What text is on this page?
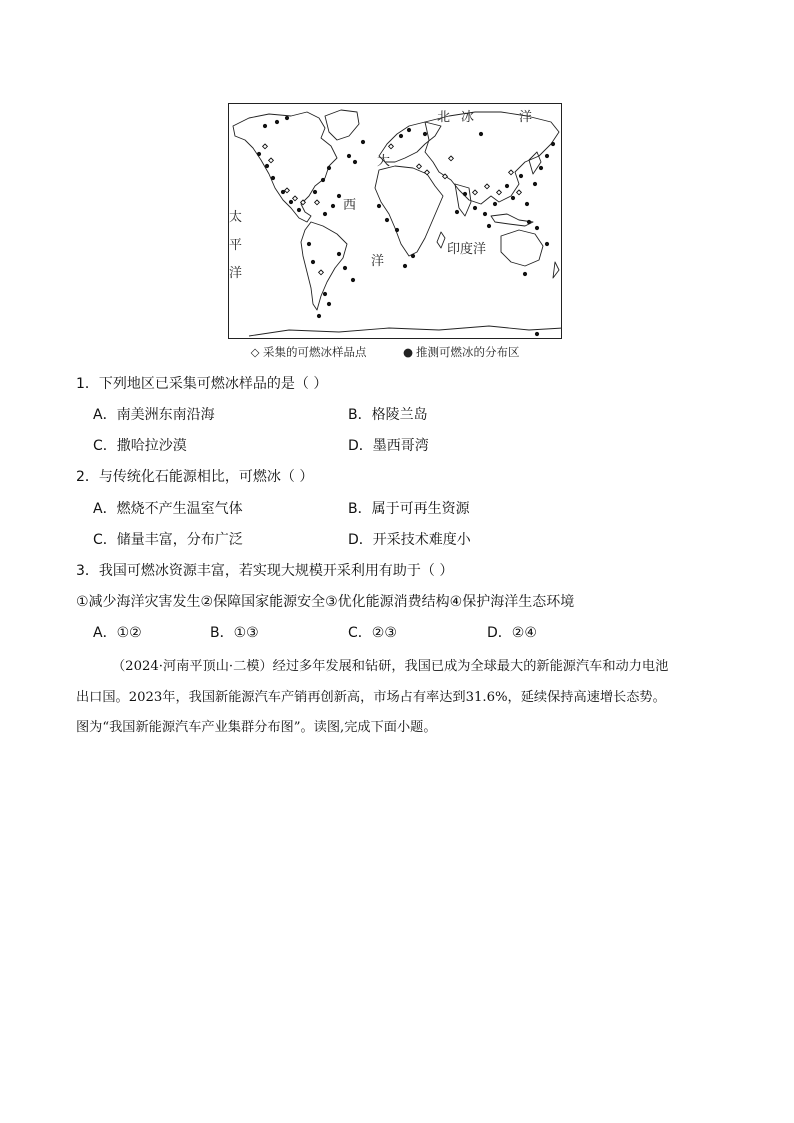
北 冰	洋
大
西
洋
太
平
洋
印度洋
◇ 采集的可燃冰样品点	● 推测可燃冰的分布区
1．下列地区已采集可燃冰样品的是（ ）
A．南美洲东南沿海	B．格陵兰岛
C．撒哈拉沙漠	D．墨西哥湾
2．与传统化石能源相比，可燃冰（ ）
A．燃烧不产生温室气体	B．属于可再生资源
C．储量丰富，分布广泛	D．开采技术难度小
3．我国可燃冰资源丰富，若实现大规模开采利用有助于（ ）
①减少海洋灾害发生②保障国家能源安全③优化能源消费结构④保护海洋生态环境
A．①②	B．①③	C．②③	D．②④
（2024·河南平顶山·二模）经过多年发展和钻研，我国已成为全球最大的新能源汽车和动力电池
出口国。2023年，我国新能源汽车产销再创新高，市场占有率达到31.6%，延续保持高速增长态势。
图为“我国新能源汽车产业集群分布图”。读图,完成下面小题。
